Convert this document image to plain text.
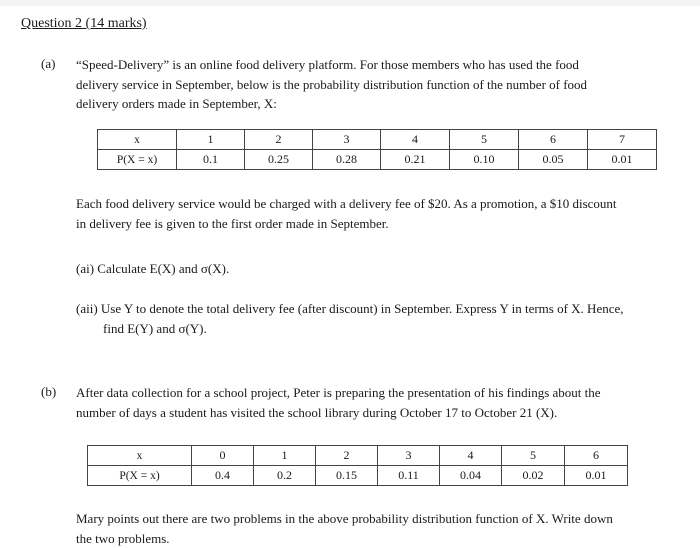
Question 2 (14 marks)
(a) “Speed-Delivery” is an online food delivery platform. For those members who has used the food
delivery service in September, below is the probability distribution function of the number of food
delivery orders made in September, X:
x	1	2	3	4	5	6	7
P(X = x)	0.1	0.25	0.28	0.21	0.10	0.05	0.01
Each food delivery service would be charged with a delivery fee of $20. As a promotion, a $10 discount
in delivery fee is given to the first order made in September.
(ai) Calculate E(X) and σ(X).
(aii) Use Y to denote the total delivery fee (after discount) in September. Express Y in terms of X. Hence,
find E(Y) and σ(Y).
(b) After data collection for a school project, Peter is preparing the presentation of his findings about the
number of days a student has visited the school library during October 17 to October 21 (X).
x	0	1	2	3	4	5	6
P(X = x)	0.4	0.2	0.15	0.11	0.04	0.02	0.01
Mary points out there are two problems in the above probability distribution function of X. Write down
the two problems.
